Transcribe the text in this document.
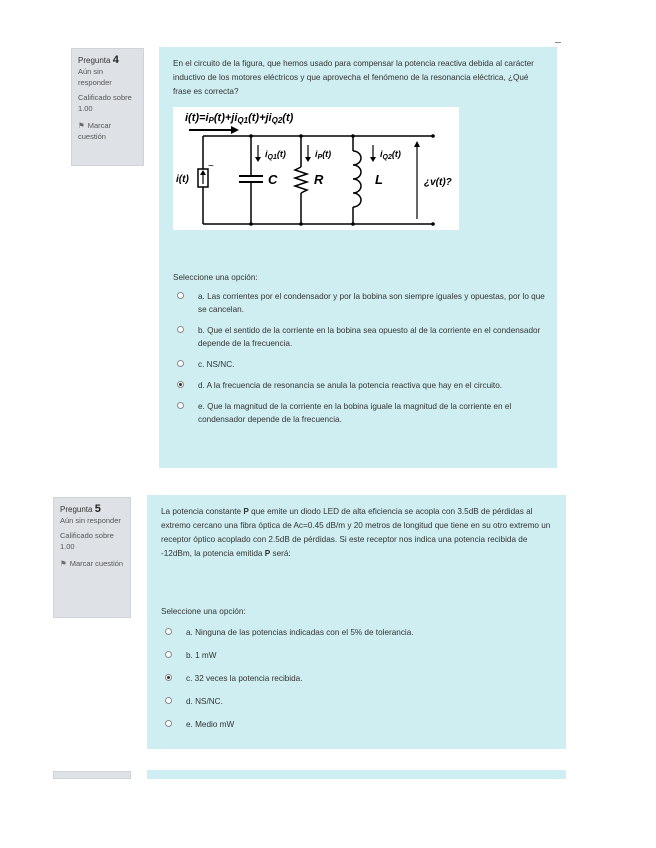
Pregunta 4
Aún sin responder
Calificado sobre 1.00
⚑ Marcar cuestión
En el circuito de la figura, que hemos usado para compensar la potencia reactiva debida al carácter inductivo de los motores eléctricos y que aprovecha el fenómeno de la resonancia eléctrica, ¿Qué frase es correcta?
i(t)=iP(t)+jiQ1(t)+jiQ2(t)
~
i(t)	C
$i_{Q1}(t)$
R
$i_P(t)$
L
$i_{Q2}(t)$
¿v(t)?
Seleccione una opción:
a. Las corrientes por el condensador y por la bobina son siempre iguales y opuestas, por lo que se cancelan.
b. Que el sentido de la corriente en la bobina sea opuesto al de la corriente en el condensador depende de la frecuencia.
c. NS/NC.
d. A la frecuencia de resonancia se anula la potencia reactiva que hay en el circuito.
e. Que la magnitud de la corriente en la bobina iguale la magnitud de la corriente en el condensador depende de la frecuencia.
Pregunta 5
Aún sin responder
Calificado sobre 1.00
⚑ Marcar cuestión
La potencia constante P que emite un diodo LED de alta eficiencia se acopla con 3.5dB de pérdidas al extremo cercano una fibra óptica de Ac=0.45 dB/m y 20 metros de longitud que tiene en su otro extremo un receptor óptico acoplado con 2.5dB de pérdidas. Si este receptor nos indica una potencia recibida de -12dBm, la potencia emitida P será:
Seleccione una opción:
a. Ninguna de las potencias indicadas con el 5% de tolerancia.
b. 1 mW
c. 32 veces la potencia recibida.
d. NS/NC.
e. Medio mW
